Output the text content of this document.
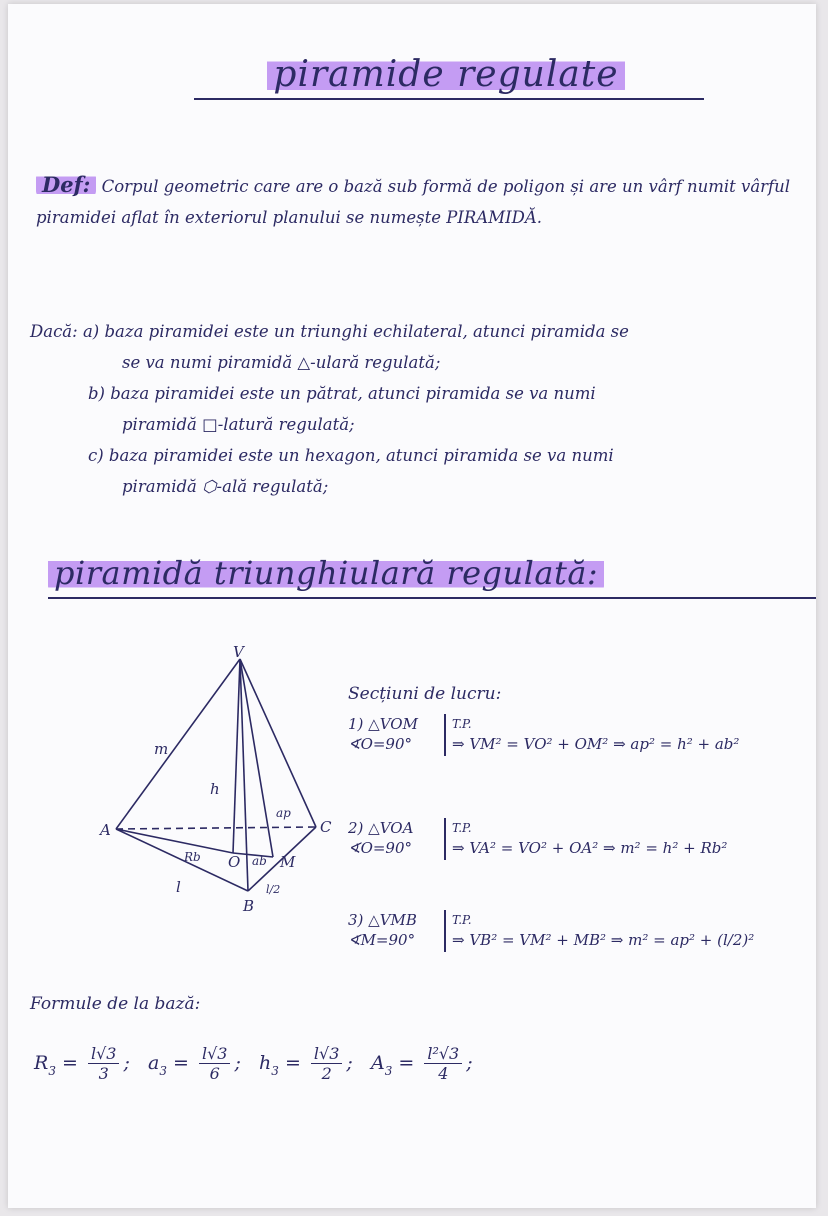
piramide regulate
Def: Corpul geometric care are o bază sub formă de poligon și are un vârf numit vârful piramidei aflat în exteriorul planului se numește PIRAMIDĂ.
Dacă: a) baza piramidei este un triunghi echilateral, atunci piramida se
se va numi piramidă △-ulară regulată;
b) baza piramidei este un pătrat, atunci piramida se va numi
piramidă □-latură regulată;
c) baza piramidei este un hexagon, atunci piramida se va numi
piramidă ⬡-ală regulată;
piramidă triunghiulară regulată:
V
A
B
C
O	M
m
h
ap
Rb	ab
l	l/2
Secțiuni de lucru:
1) △VOM
∢O=90°
T.P.
⇒ VM² = VO² + OM² ⇒ ap² = h² + ab²
2) △VOA
∢O=90°
T.P.
⇒ VA² = VO² + OA² ⇒ m² = h² + Rb²
3) △VMB
∢M=90°
T.P.
⇒ VB² = VM² + MB² ⇒ m² = ap² + (l/2)²
Formule de la bază:
$R_3 = \frac{l√3}{3}$ ; $a_3 = \frac{l√3}{6}$ ; $h_3 = \frac{l√3}{2}$ ; $A_3 = \frac{\text{l²√3}}{4}$ ;
